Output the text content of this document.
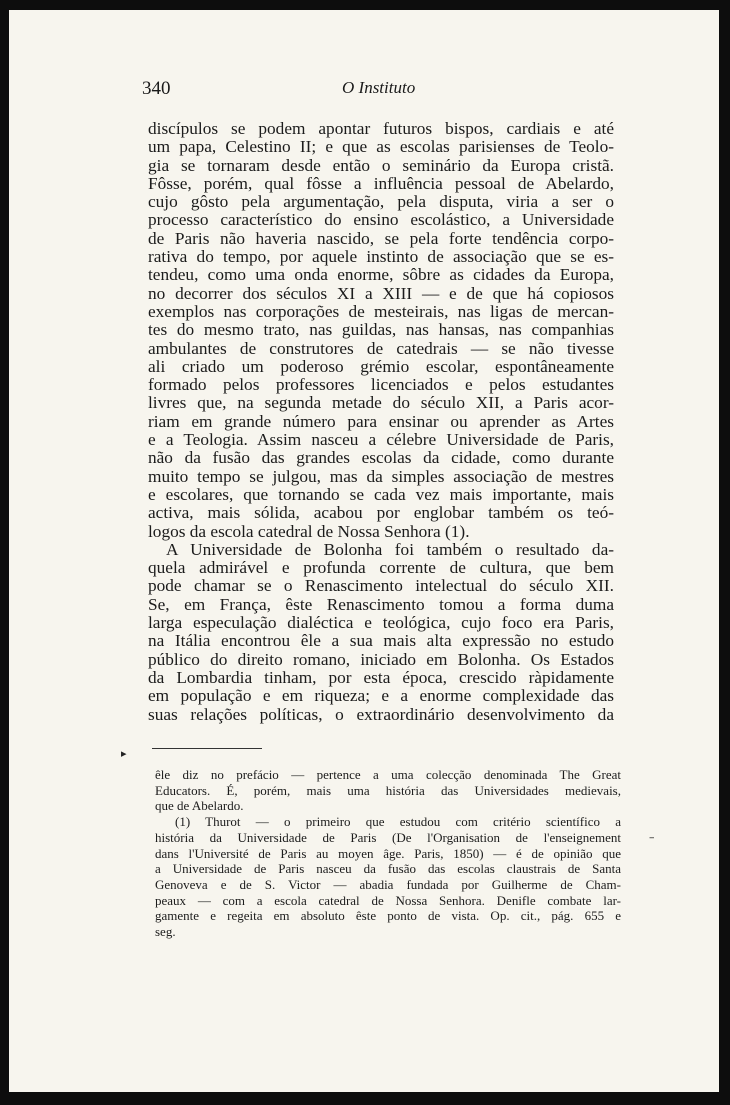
340	O Instituto
discípulos se podem apontar futuros bispos, cardiais e até
um papa, Celestino II; e que as escolas parisienses de Teolo-
gia se tornaram desde então o seminário da Europa cristã.
Fôsse, porém, qual fôsse a influência pessoal de Abelardo,
cujo gôsto pela argumentação, pela disputa, viria a ser o
processo característico do ensino escolástico, a Universidade
de Paris não haveria nascido, se pela forte tendência corpo-
rativa do tempo, por aquele instinto de associação que se es-
tendeu, como uma onda enorme, sôbre as cidades da Europa,
no decorrer dos séculos XI a XIII — e de que há copiosos
exemplos nas corporações de mesteirais, nas ligas de mercan-
tes do mesmo trato, nas guildas, nas hansas, nas companhias
ambulantes de construtores de catedrais — se não tivesse
ali criado um poderoso grémio escolar, espontâneamente
formado pelos professores licenciados e pelos estudantes
livres que, na segunda metade do século XII, a Paris acor-
riam em grande número para ensinar ou aprender as Artes
e a Teologia. Assim nasceu a célebre Universidade de Paris,
não da fusão das grandes escolas da cidade, como durante
muito tempo se julgou, mas da simples associação de mestres
e escolares, que tornando se cada vez mais importante, mais
activa, mais sólida, acabou por englobar também os teó-
logos da escola catedral de Nossa Senhora (1).
A Universidade de Bolonha foi também o resultado da-
quela admirável e profunda corrente de cultura, que bem
pode chamar se o Renascimento intelectual do século XII.
Se, em França, êste Renascimento tomou a forma duma
larga especulação dialéctica e teológica, cujo foco era Paris,
na Itália encontrou êle a sua mais alta expressão no estudo
público do direito romano, iniciado em Bolonha. Os Estados
da Lombardia tinham, por esta época, crescido ràpidamente
em população e em riqueza; e a enorme complexidade das
suas relações políticas, o extraordinário desenvolvimento da
▸
–
êle diz no prefácio — pertence a uma colecção denominada The Great
Educators. É, porém, mais uma história das Universidades medievais,
que de Abelardo.
(1) Thurot — o primeiro que estudou com critério scientífico a
história da Universidade de Paris (De l'Organisation de l'enseignement
dans l'Université de Paris au moyen âge. Paris, 1850) — é de opinião que
a Universidade de Paris nasceu da fusão das escolas claustrais de Santa
Genoveva e de S. Victor — abadia fundada por Guilherme de Cham-
peaux — com a escola catedral de Nossa Senhora. Denifle combate lar-
gamente e regeita em absoluto êste ponto de vista. Op. cit., pág. 655 e
seg.
